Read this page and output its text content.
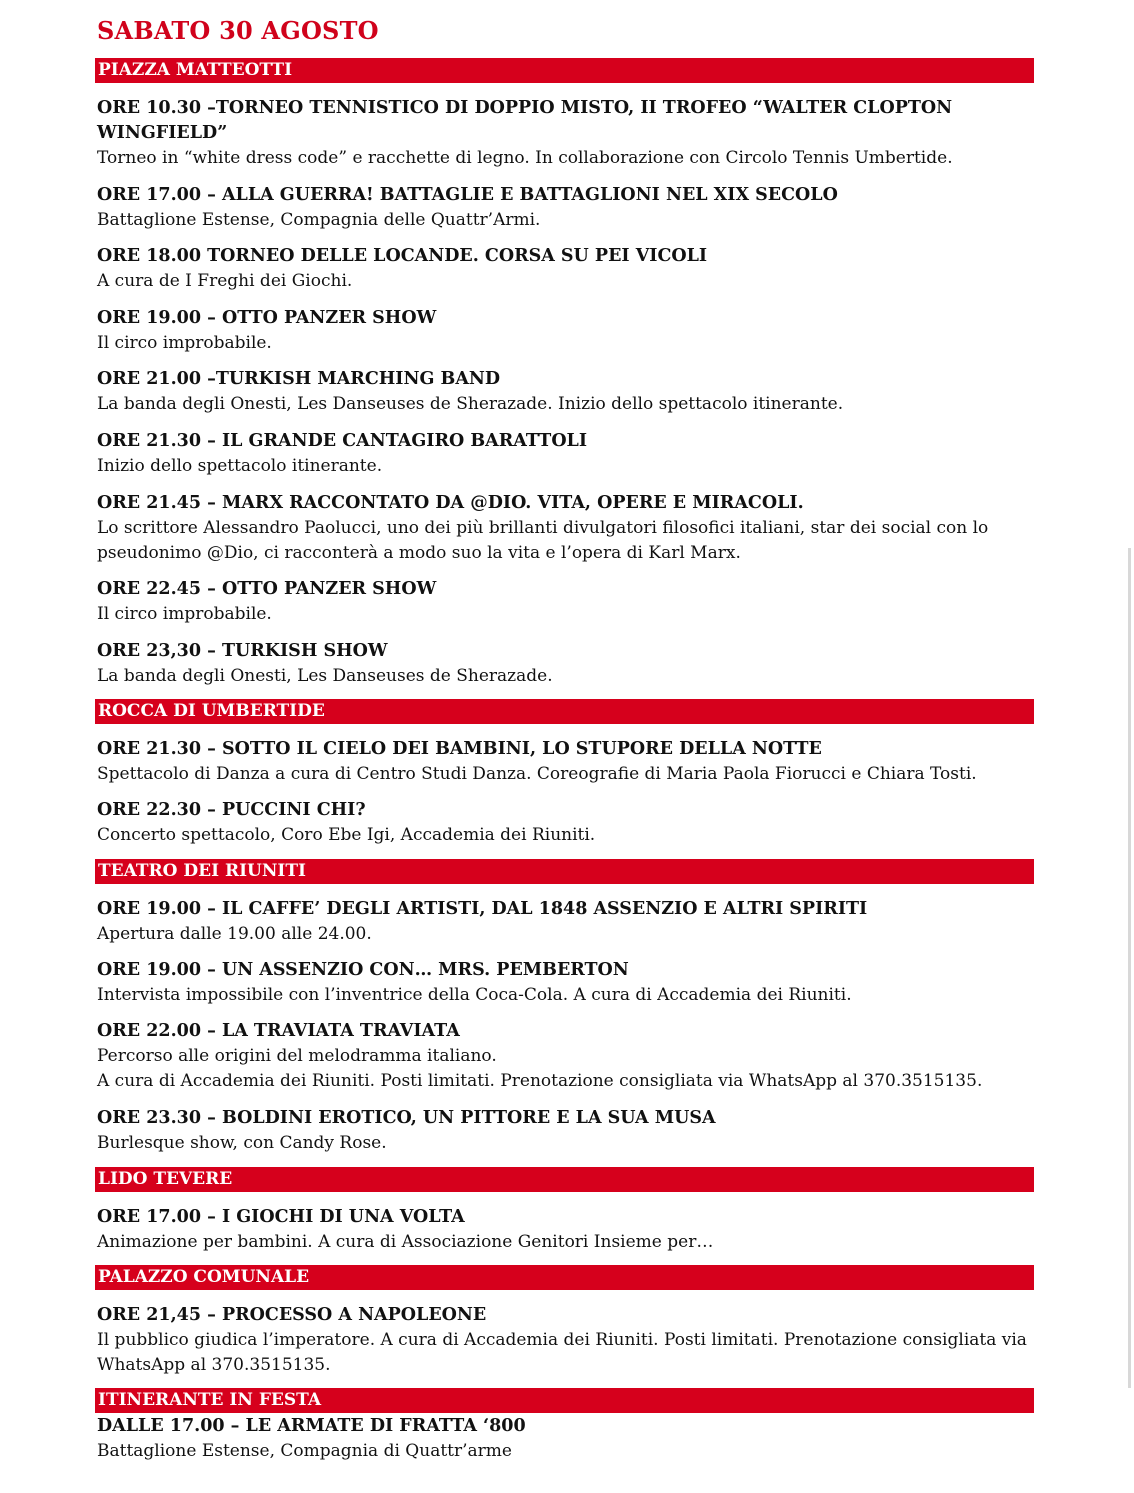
SABATO 30 AGOSTO
PIAZZA MATTEOTTI
ORE 10.30 –TORNEO TENNISTICO DI DOPPIO MISTO, II TROFEO “WALTER CLOPTON WINGFIELD”
Torneo in “white dress code” e racchette di legno. In collaborazione con Circolo Tennis Umbertide.
ORE 17.00 – ALLA GUERRA! BATTAGLIE E BATTAGLIONI NEL XIX SECOLO
Battaglione Estense, Compagnia delle Quattr’Armi.
ORE 18.00 TORNEO DELLE LOCANDE. CORSA SU PEI VICOLI
A cura de I Freghi dei Giochi.
ORE 19.00 – OTTO PANZER SHOW
Il circo improbabile.
ORE 21.00 –TURKISH MARCHING BAND
La banda degli Onesti, Les Danseuses de Sherazade. Inizio dello spettacolo itinerante.
ORE 21.30 – IL GRANDE CANTAGIRO BARATTOLI
Inizio dello spettacolo itinerante.
ORE 21.45 – MARX RACCONTATO DA @DIO. VITA, OPERE E MIRACOLI.
Lo scrittore Alessandro Paolucci, uno dei più brillanti divulgatori filosofici italiani, star dei social con lo pseudonimo @Dio, ci racconterà a modo suo la vita e l’opera di Karl Marx.
ORE 22.45 – OTTO PANZER SHOW
Il circo improbabile.
ORE 23,30 – TURKISH SHOW
La banda degli Onesti, Les Danseuses de Sherazade.
ROCCA DI UMBERTIDE
ORE 21.30 – SOTTO IL CIELO DEI BAMBINI, LO STUPORE DELLA NOTTE
Spettacolo di Danza a cura di Centro Studi Danza. Coreografie di Maria Paola Fiorucci e Chiara Tosti.
ORE 22.30 – PUCCINI CHI?
Concerto spettacolo, Coro Ebe Igi, Accademia dei Riuniti.
TEATRO DEI RIUNITI
ORE 19.00 – IL CAFFE’ DEGLI ARTISTI, DAL 1848 ASSENZIO E ALTRI SPIRITI
Apertura dalle 19.00 alle 24.00.
ORE 19.00 – UN ASSENZIO CON… MRS. PEMBERTON
Intervista impossibile con l’inventrice della Coca-Cola. A cura di Accademia dei Riuniti.
ORE 22.00 – LA TRAVIATA TRAVIATA
Percorso alle origini del melodramma italiano.
A cura di Accademia dei Riuniti. Posti limitati. Prenotazione consigliata via WhatsApp al 370.3515135.
ORE 23.30 – BOLDINI EROTICO, UN PITTORE E LA SUA MUSA
Burlesque show, con Candy Rose.
LIDO TEVERE
ORE 17.00 – I GIOCHI DI UNA VOLTA
Animazione per bambini. A cura di Associazione Genitori Insieme per…
PALAZZO COMUNALE
ORE 21,45 – PROCESSO A NAPOLEONE
Il pubblico giudica l’imperatore. A cura di Accademia dei Riuniti. Posti limitati. Prenotazione consigliata via WhatsApp al 370.3515135.
ITINERANTE IN FESTA
DALLE 17.00 – LE ARMATE DI FRATTA ‘800
Battaglione Estense, Compagnia di Quattr’arme
